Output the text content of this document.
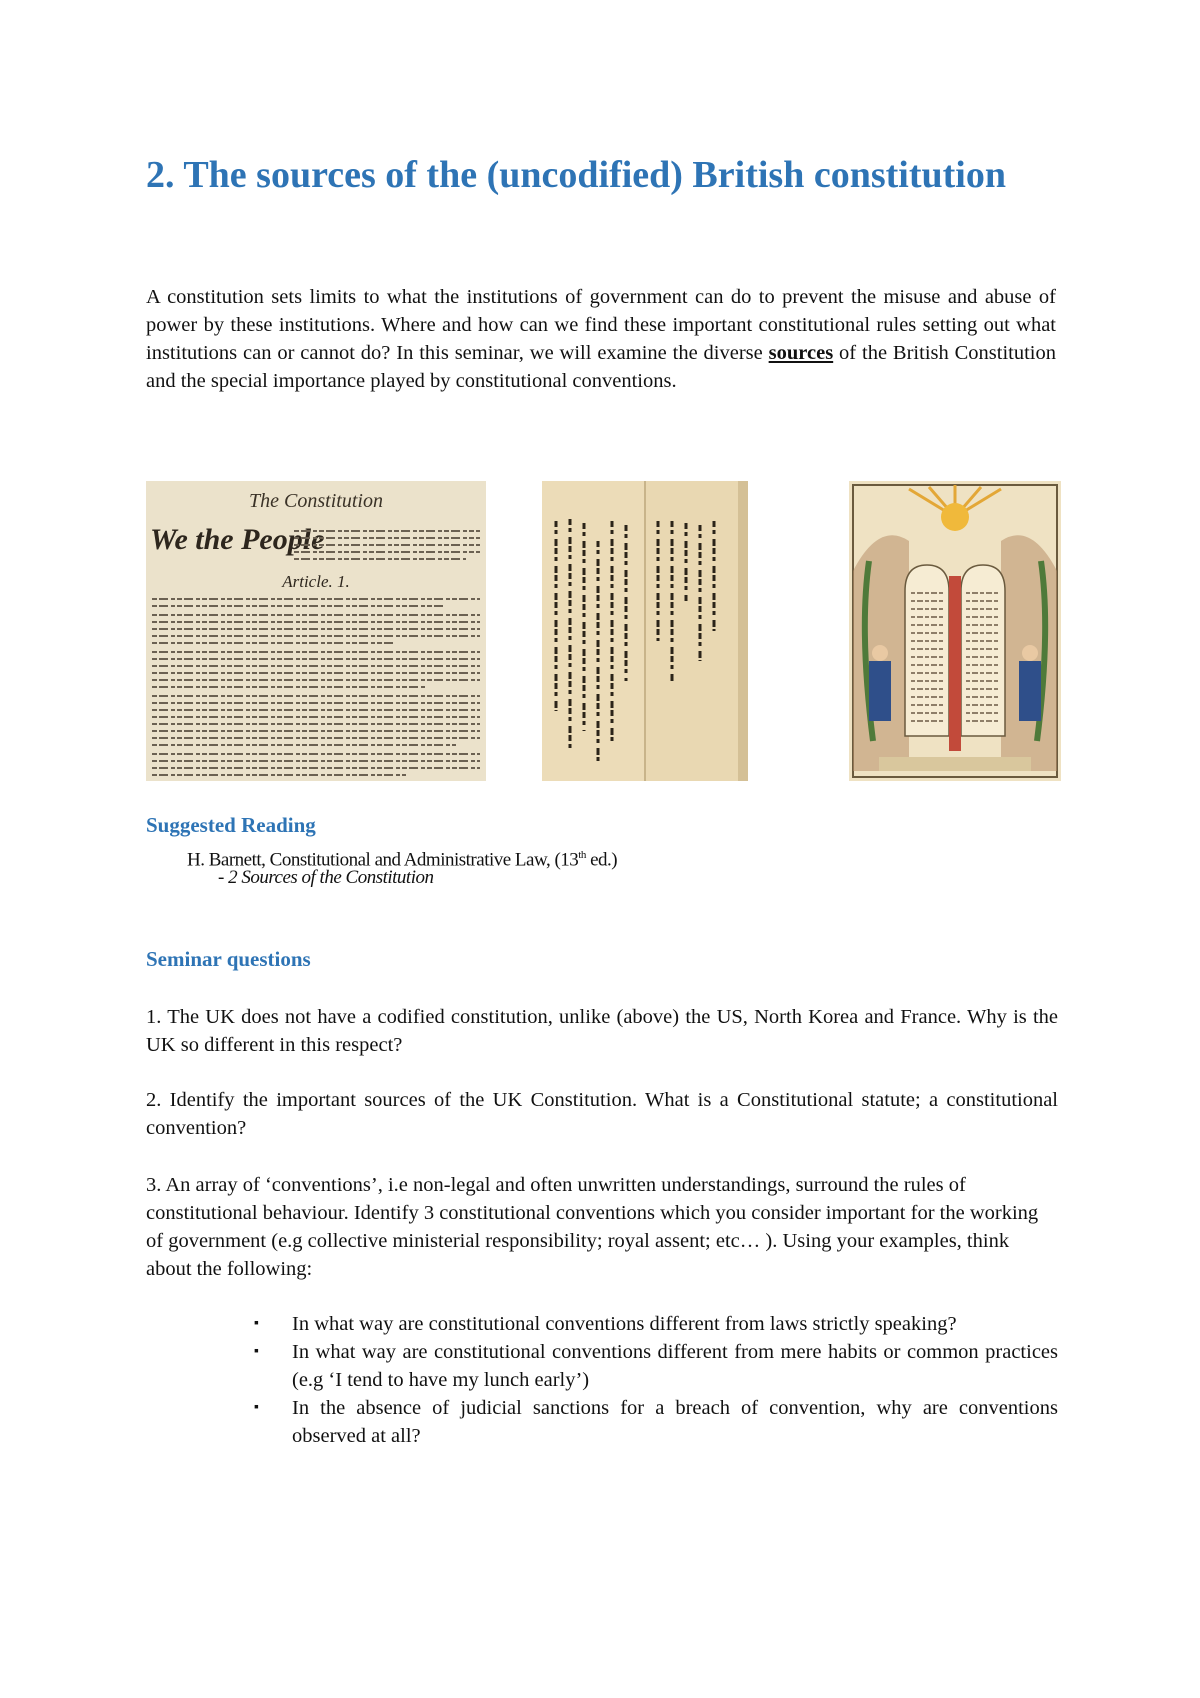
2. The sources of the (uncodified) British constitution

A constitution sets limits to what the institutions of government can do to prevent the misuse and abuse of power by these institutions. Where and how can we find these important constitutional rules setting out what institutions can or cannot do? In this seminar, we will examine the diverse sources of the British Constitution and the special importance played by constitutional conventions.

The Constitution
We the People
Article. 1.
Suggested Reading
H. Barnett, Constitutional and Administrative Law, (13th ed.)
- 2 Sources of the Constitution
Seminar questions

1. The UK does not have a codified constitution, unlike (above) the US, North Korea and France. Why is the UK so different in this respect?

2. Identify the important sources of the UK Constitution. What is a Constitutional statute; a constitutional convention?

3. An array of ‘conventions’, i.e non-legal and often unwritten understandings, surround the rules of constitutional behaviour. Identify 3 constitutional conventions which you consider important for the working of government (e.g collective ministerial responsibility; royal assent; etc… ). Using your examples, think about the following:

▪ In what way are constitutional conventions different from laws strictly speaking?
▪ In what way are constitutional conventions different from mere habits or common practices (e.g ‘I tend to have my lunch early’)
▪ In the absence of judicial sanctions for a breach of convention, why are conventions observed at all?
